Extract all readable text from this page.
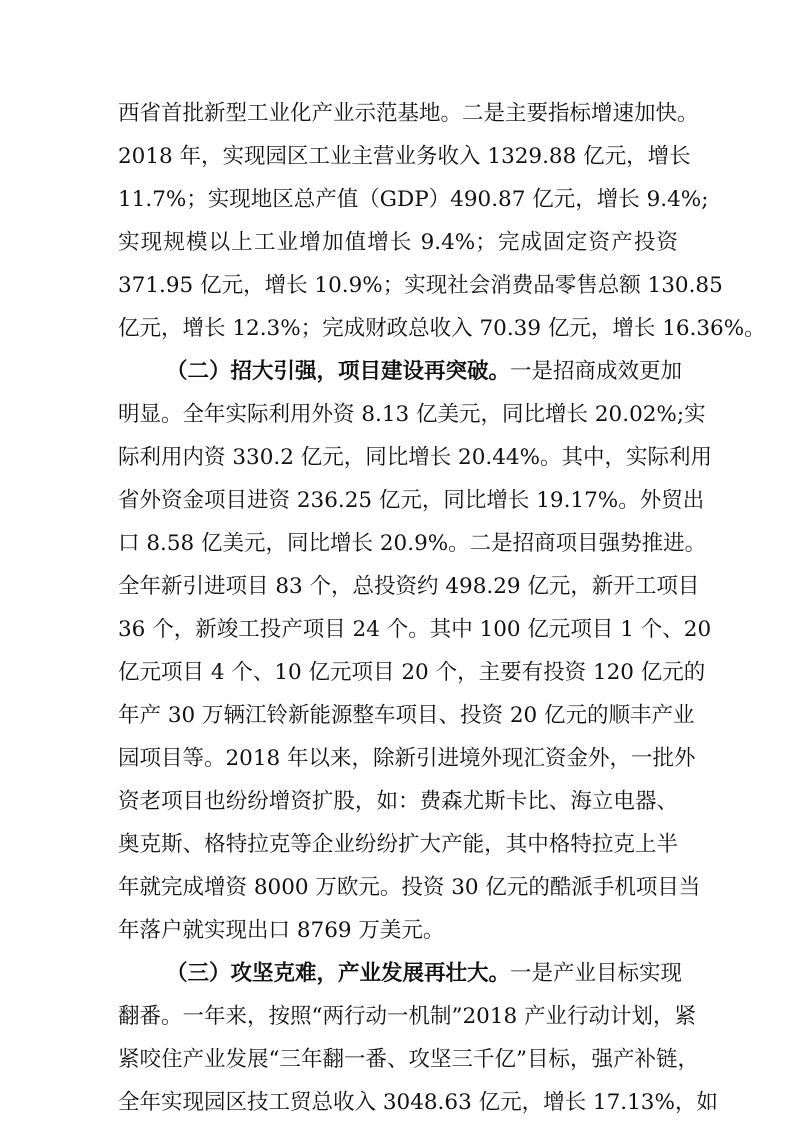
西省首批新型工业化产业示范基地。二是主要指标增速加快。
2018 年，实现园区工业主营业务收入 1329.88 亿元，增长
11.7%；实现地区总产值（GDP）490.87 亿元，增长 9.4%;
实现规模以上工业增加值增长 9.4%；完成固定资产投资
371.95 亿元，增长 10.9%；实现社会消费品零售总额 130.85
亿元，增长 12.3%；完成财政总收入 70.39 亿元，增长 16.36%。
（二）招大引强，项目建设再突破。一是招商成效更加
明显。全年实际利用外资 8.13 亿美元，同比增长 20.02%;实
际利用内资 330.2 亿元，同比增长 20.44%。其中，实际利用
省外资金项目进资 236.25 亿元，同比增长 19.17%。外贸出
口 8.58 亿美元，同比增长 20.9%。二是招商项目强势推进。
全年新引进项目 83 个，总投资约 498.29 亿元，新开工项目
36 个，新竣工投产项目 24 个。其中 100 亿元项目 1 个、20
亿元项目 4 个、10 亿元项目 20 个，主要有投资 120 亿元的
年产 30 万辆江铃新能源整车项目、投资 20 亿元的顺丰产业
园项目等。2018 年以来，除新引进境外现汇资金外，一批外
资老项目也纷纷增资扩股，如：费森尤斯卡比、海立电器、
奥克斯、格特拉克等企业纷纷扩大产能，其中格特拉克上半
年就完成增资 8000 万欧元。投资 30 亿元的酷派手机项目当
年落户就实现出口 8769 万美元。
（三）攻坚克难，产业发展再壮大。一是产业目标实现
翻番。一年来，按照“两行动一机制”2018 产业行动计划，紧
紧咬住产业发展“三年翻一番、攻坚三千亿”目标，强产补链，
全年实现园区技工贸总收入 3048.63 亿元，增长 17.13%，如
